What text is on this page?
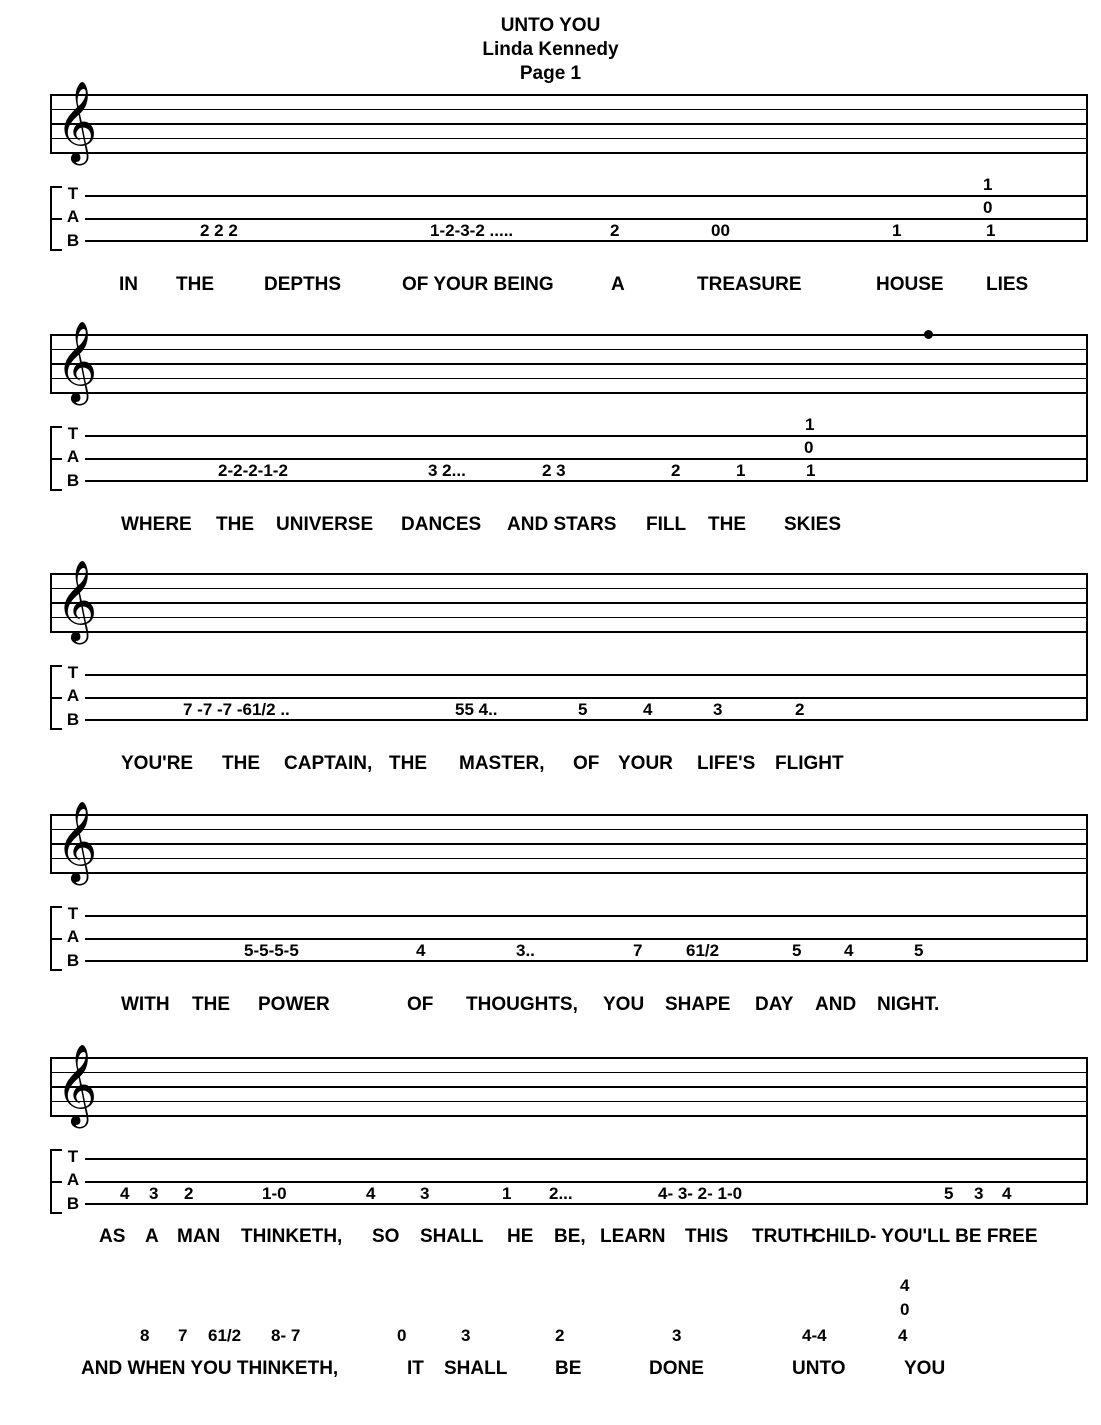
UNTO YOU
Linda Kennedy
Page 1
𝄞
T
A
B
2 2 2	1-2-3-2 .....	2	00	1	1
0
1
IN THE	DEPTHS	OF YOUR BEING	A	TREASURE	HOUSE LIES
𝄞
T
A
B
2-2-2-1-2	3 2...	2 3	2	1	1
0
1
WHERE THE UNIVERSE DANCES AND STARS FILL THE SKIES
𝄞
T
A
B
7 -7 -7 -61/2 ..	55 4..	5	4	3	2
YOU'RE THE CAPTAIN, THE MASTER, OF YOUR LIFE'S FLIGHT
𝄞
T
A
B
5-5-5-5	4	3..	7	61/2	5	4	5
WITH THE POWER	OF THOUGHTS, YOU SHAPE DAY AND NIGHT.
𝄞
T
A
B
4 3 2	1-0	4	3	1 2...	4- 3- 2- 1-0	5 3 4
AS A MAN THINKETH, SO SHALL HE BE, LEARN THIS TRUTH
CHILD- YOU'LL BE FREE
8 7 61/2 8- 7	0	3	2	3	4-4	4
0
4
AND WHEN YOU THINKETH,	IT SHALL	BE	DONE	UNTO	YOU
